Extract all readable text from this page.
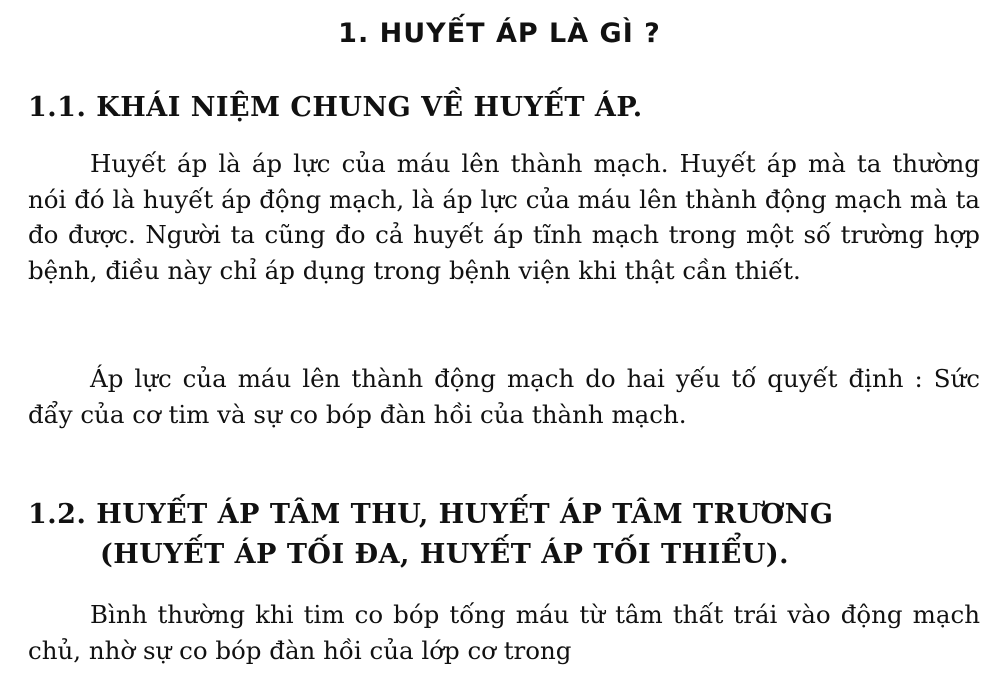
1. HUYẾT ÁP LÀ GÌ ?
1.1. KHÁI NIỆM CHUNG VỀ HUYẾT ÁP.

Huyết áp là áp lực của máu lên thành mạch. Huyết áp mà ta thường nói đó là huyết áp động mạch, là áp lực của máu lên thành động mạch mà ta đo được. Người ta cũng đo cả huyết áp tĩnh mạch trong một số trường hợp bệnh, điều này chỉ áp dụng trong bệnh viện khi thật cần thiết.

Áp lực của máu lên thành động mạch do hai yếu tố quyết định : Sức đẩy của cơ tim và sự co bóp đàn hồi của thành mạch.

1.2. HUYẾT ÁP TÂM THU, HUYẾT ÁP TÂM TRƯƠNG
(HUYẾT ÁP TỐI ĐA, HUYẾT ÁP TỐI THIỂU).

Bình thường khi tim co bóp tống máu từ tâm thất trái vào động mạch chủ, nhờ sự co bóp đàn hồi của lớp cơ trong
